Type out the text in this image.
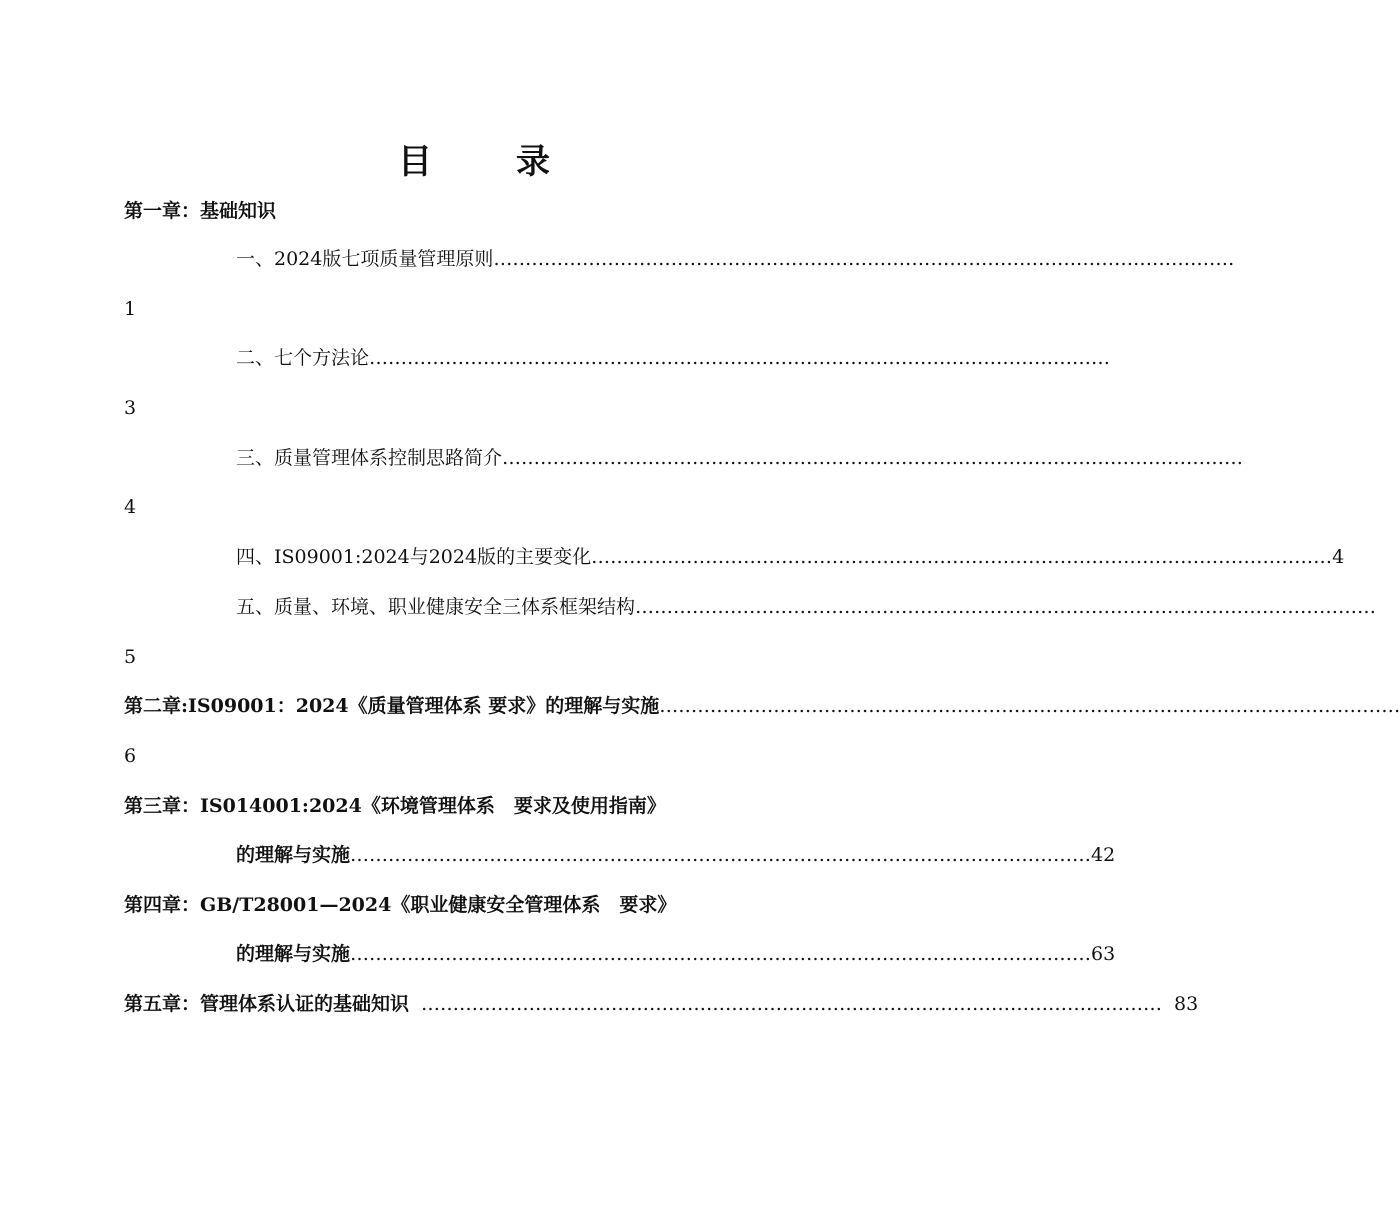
目 录
第一章：基础知识
一、2024版七项质量管理原则 ………………………………………………………………………………………………………
1
二、七个方法论 ………………………………………………………………………………………………………
3
三、质量管理体系控制思路简介 ………………………………………………………………………………………………………
4
四、IS09001:2024与2024版的主要变化 ……………………………………………………………………………………………………… 4
五、质量、环境、职业健康安全三体系框架结构 ………………………………………………………………………………………………………
5
第二章:IS09001：2024《质量管理体系 要求》的理解与实施 ………………………………………………………………………………………………………
6
第三章：IS014001:2024《环境管理体系　要求及使用指南》
的理解与实施 ……………………………………………………………………………………………………… 42
第四章：GB/T28001—2024《职业健康安全管理体系　要求》
的理解与实施 ……………………………………………………………………………………………………… 63
第五章：管理体系认证的基础知识 ……………………………………………………………………………………………………… 83
